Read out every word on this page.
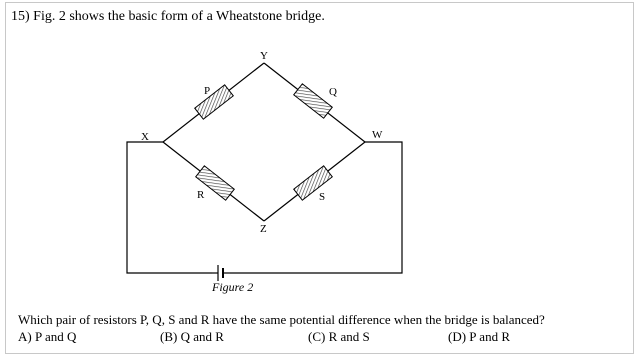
15) Fig. 2 shows the basic form of a Wheatstone bridge.
X
Y
Z
W
P	Q
R	S
Figure 2
Which pair of resistors P, Q, S and R have the same potential difference when the bridge is balanced?
A) P and Q	(B) Q and R	(C) R and S	(D) P and R
